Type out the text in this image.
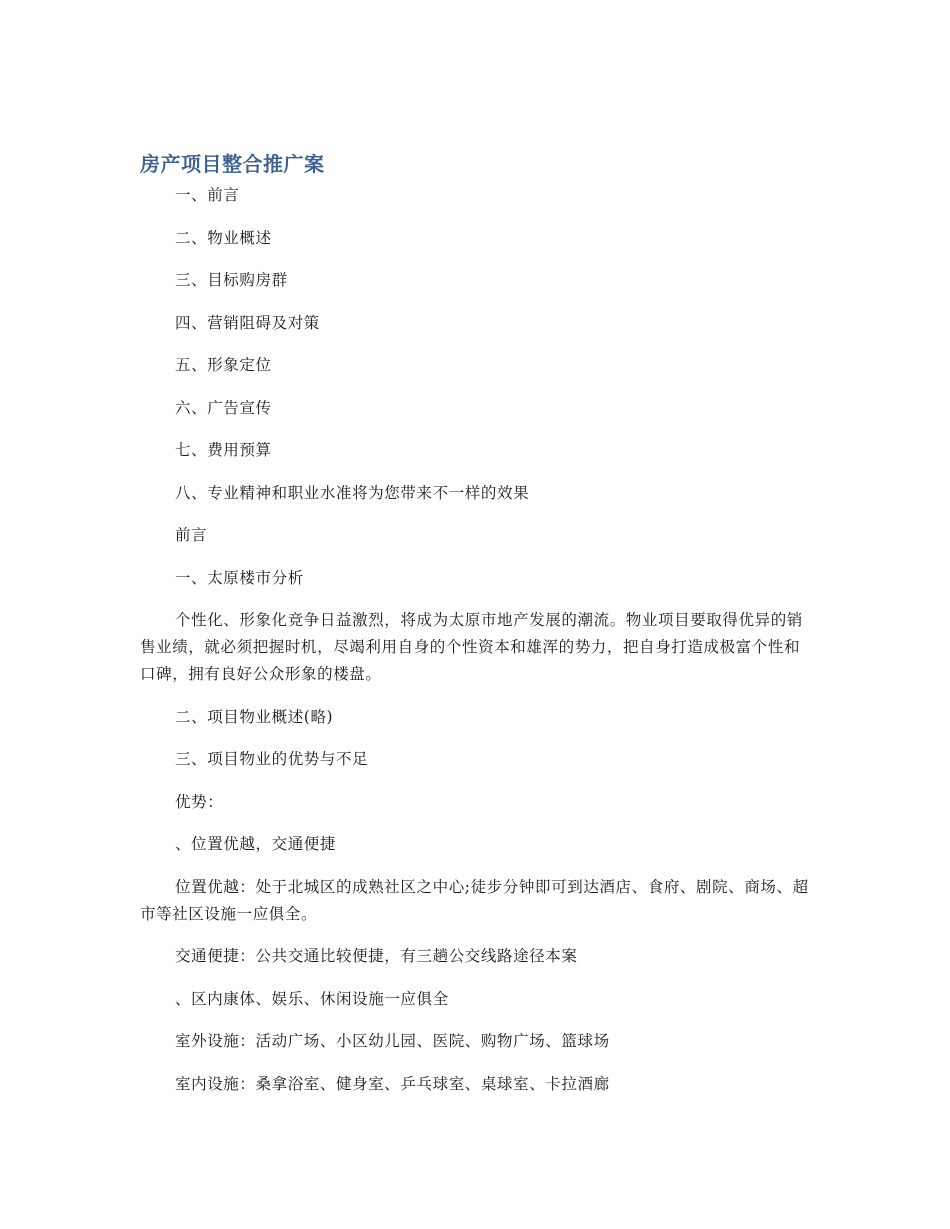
房产项目整合推广案

一、前言

二、物业概述

三、目标购房群

四、营销阻碍及对策

五、形象定位

六、广告宣传

七、费用预算

八、专业精神和职业水准将为您带来不一样的效果

前言

一、太原楼市分析

个性化、形象化竞争日益激烈，将成为太原市地产发展的潮流。物业项目要取得优异的销售业绩，就必须把握时机，尽竭利用自身的个性资本和雄浑的势力，把自身打造成极富个性和口碑，拥有良好公众形象的楼盘。

二、项目物业概述(略)

三、项目物业的优势与不足

优势：

、位置优越，交通便捷

位置优越：处于北城区的成熟社区之中心;徒步分钟即可到达酒店、食府、剧院、商场、超市等社区设施一应俱全。

交通便捷：公共交通比较便捷，有三趟公交线路途径本案

、区内康体、娱乐、休闲设施一应俱全

室外设施：活动广场、小区幼儿园、医院、购物广场、篮球场

室内设施：桑拿浴室、健身室、乒乓球室、桌球室、卡拉酒廊
